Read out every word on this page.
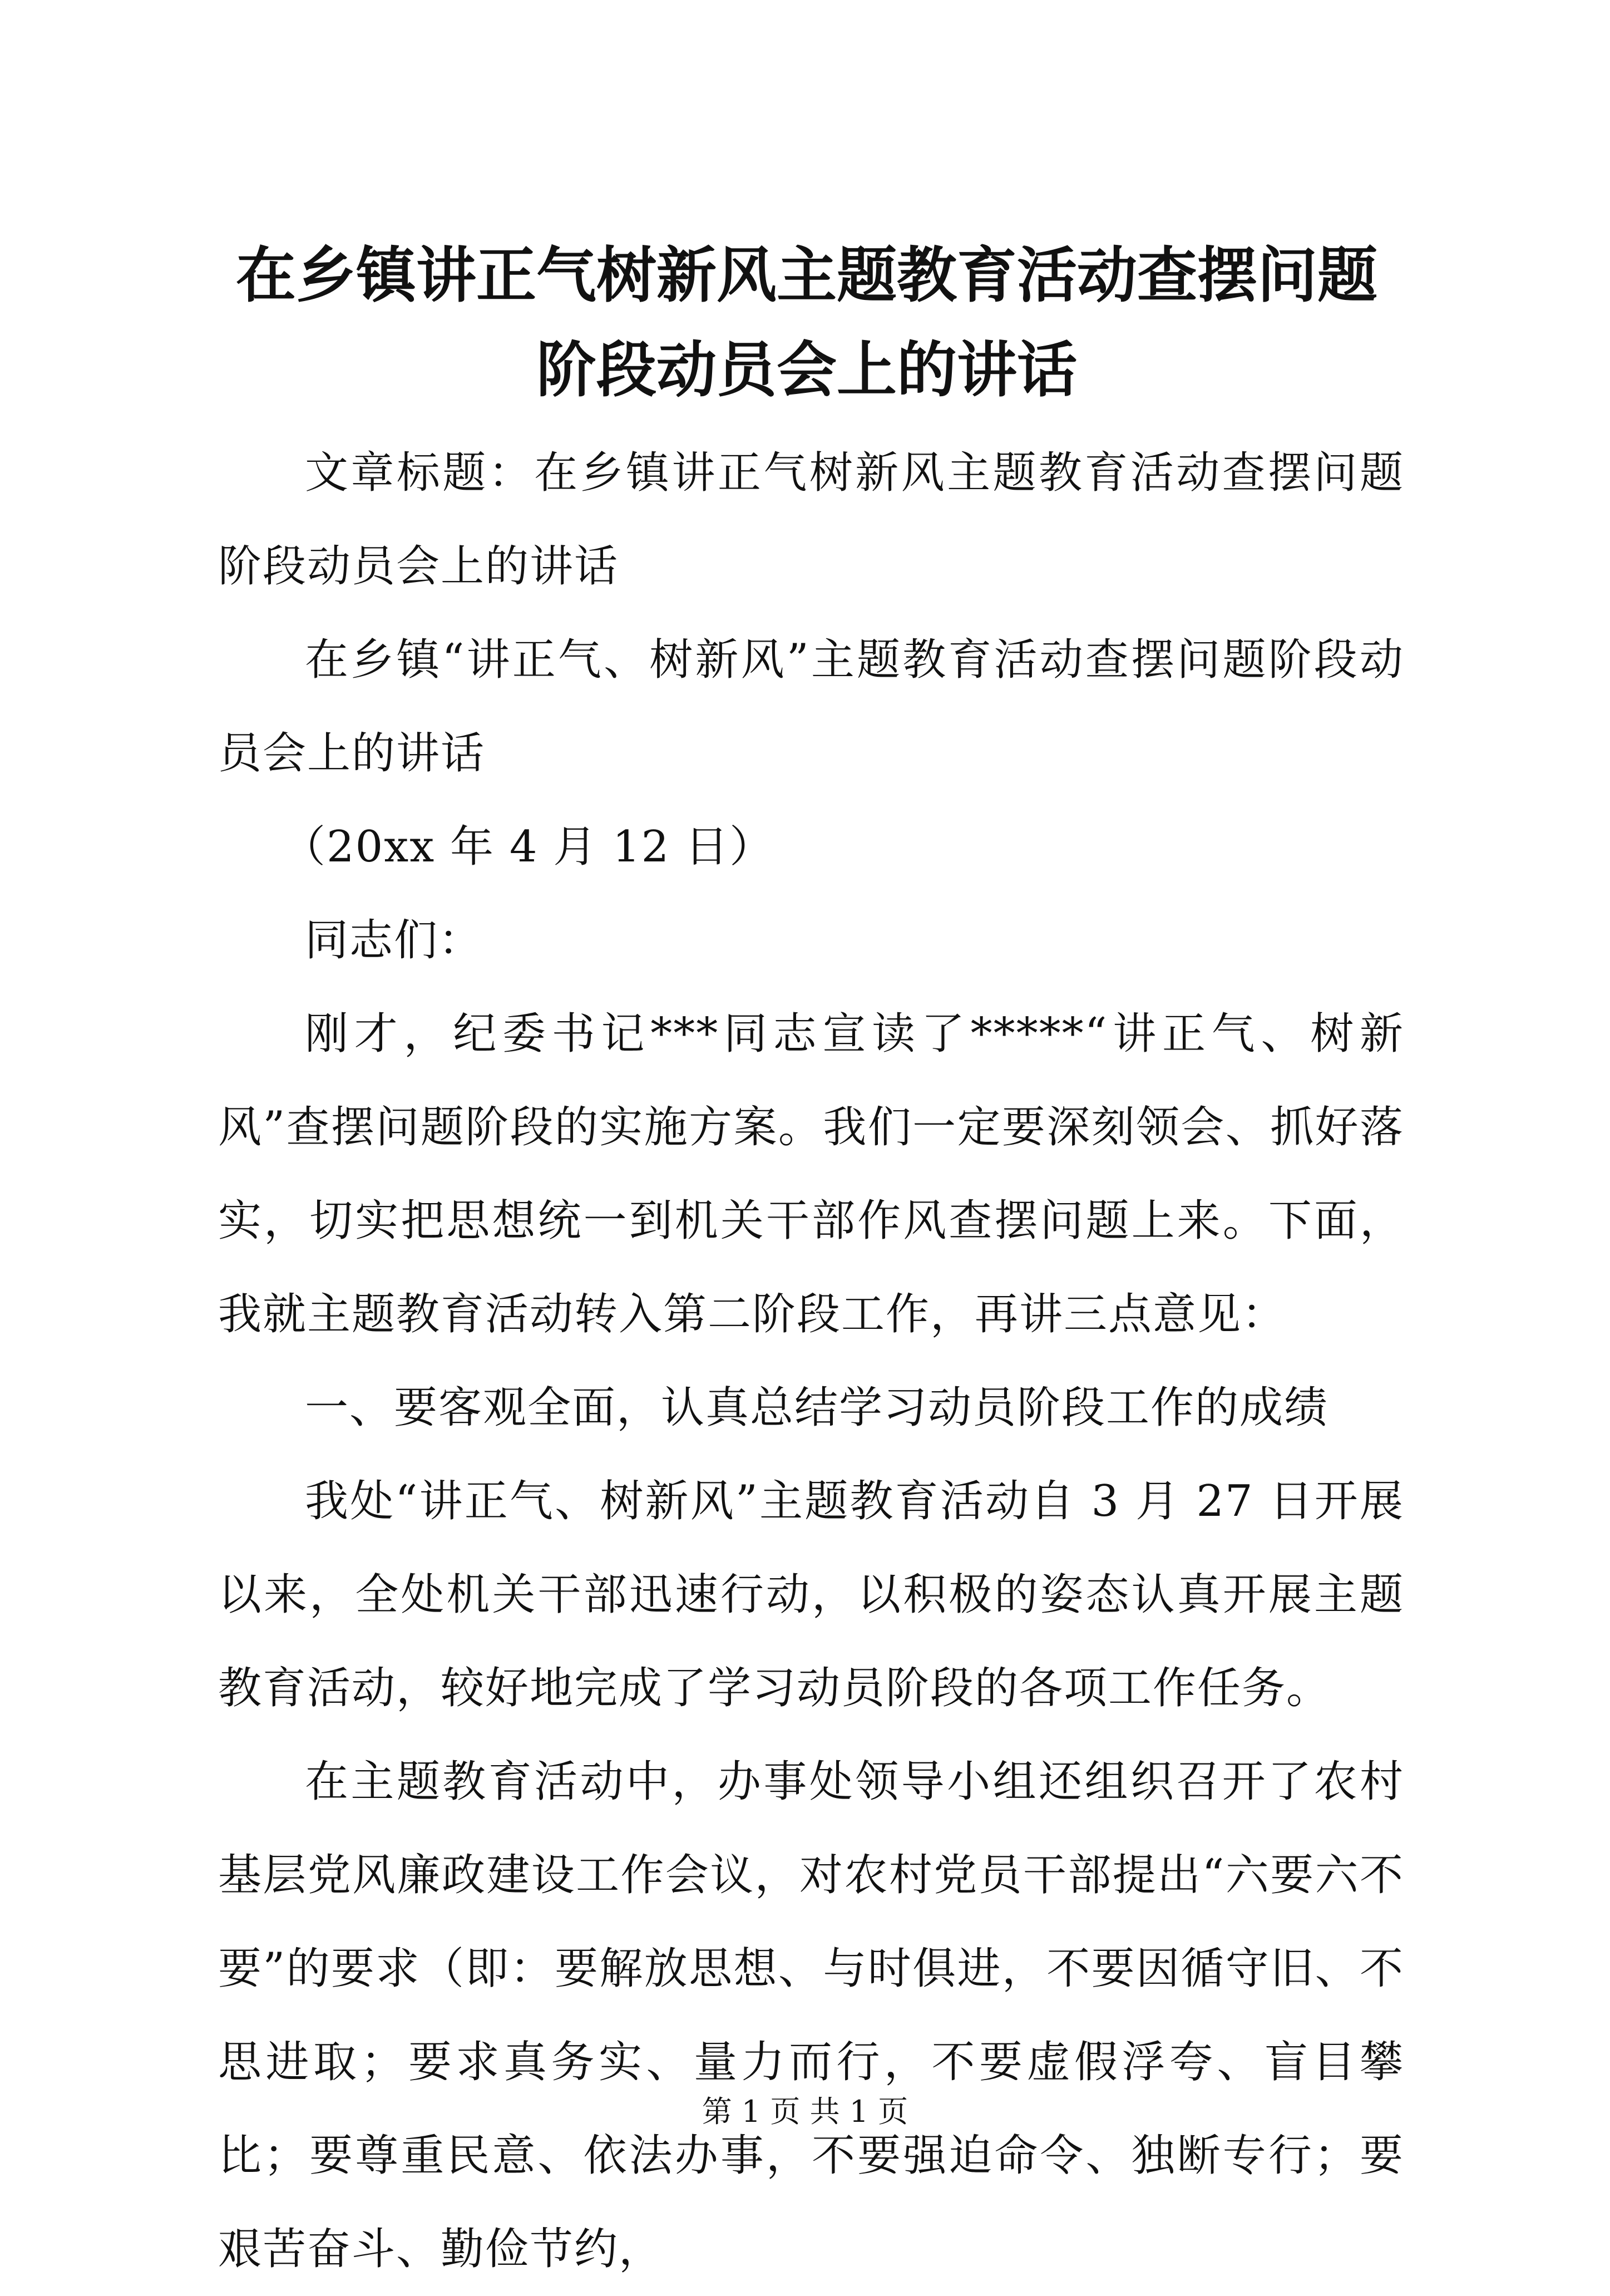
在乡镇讲正气树新风主题教育活动查摆问题阶段动员会上的讲话

文章标题：在乡镇讲正气树新风主题教育活动查摆问题阶段动员会上的讲话

在乡镇“讲正气、树新风”主题教育活动查摆问题阶段动员会上的讲话

（20xx 年 4 月 12 日）

同志们：

刚才，纪委书记***同志宣读了*****“讲正气、树新风”查摆问题阶段的实施方案。我们一定要深刻领会、抓好落实，切实把思想统一到机关干部作风查摆问题上来。下面，我就主题教育活动转入第二阶段工作，再讲三点意见：

一、要客观全面，认真总结学习动员阶段工作的成绩

我处“讲正气、树新风”主题教育活动自 3 月 27 日开展以来，全处机关干部迅速行动，以积极的姿态认真开展主题教育活动，较好地完成了学习动员阶段的各项工作任务。

在主题教育活动中，办事处领导小组还组织召开了农村基层党风廉政建设工作会议，对农村党员干部提出“六要六不要”的要求（即：要解放思想、与时俱进，不要因循守旧、不思进取；要求真务实、量力而行，不要虚假浮夸、盲目攀比；要尊重民意、依法办事，不要强迫命令、独断专行；要艰苦奋斗、勤俭节约，

第 1 页 共 1 页
